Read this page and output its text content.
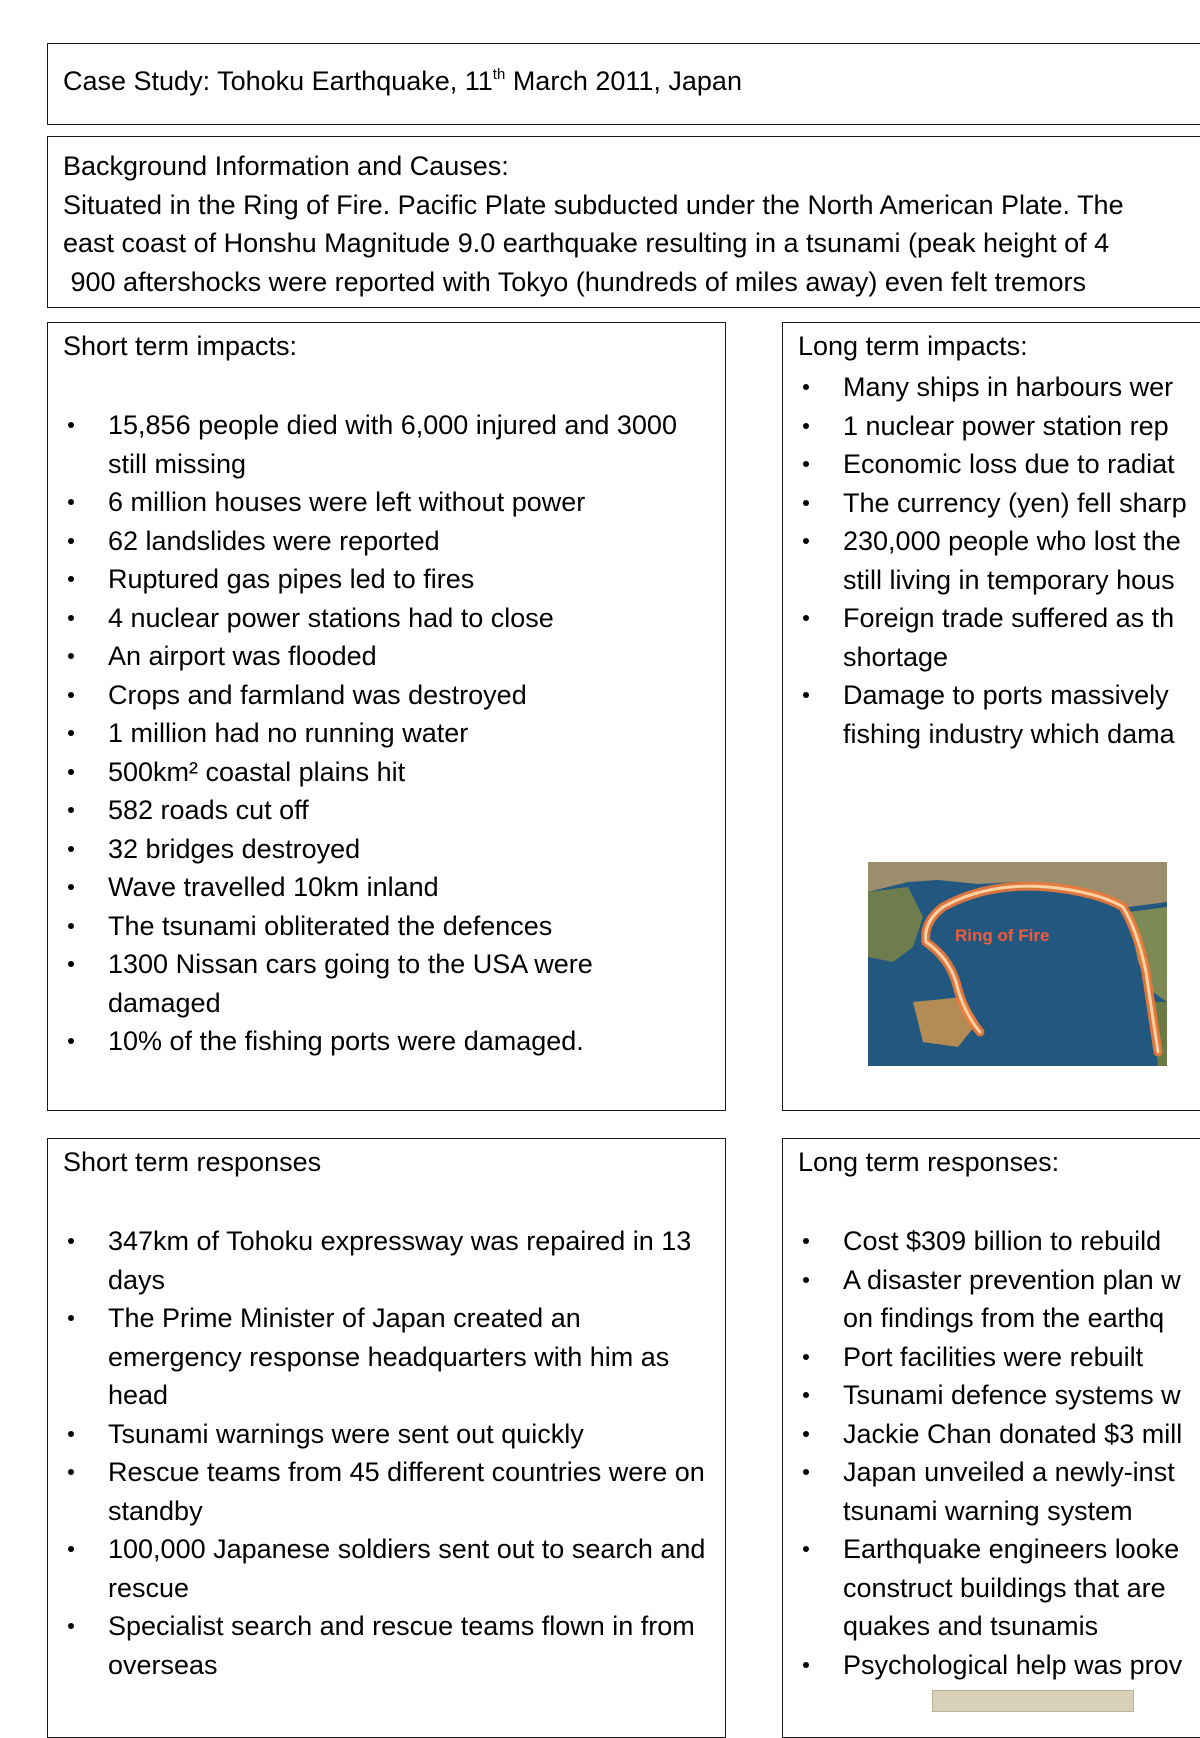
Case Study: Tohoku Earthquake, 11th March 2011, Japan
Background Information and Causes:
Situated in the Ring of Fire. Pacific Plate subducted under the North American Plate. The
east coast of Honshu Magnitude 9.0 earthquake resulting in a tsunami (peak height of 4
900 aftershocks were reported with Tokyo (hundreds of miles away) even felt tremors
Short term impacts:
15,856 people died with 6,000 injured and 3000 still missing
6 million houses were left without power
62 landslides were reported
Ruptured gas pipes led to fires
4 nuclear power stations had to close
An airport was flooded
Crops and farmland was destroyed
1 million had no running water
500km² coastal plains hit
582 roads cut off
32 bridges destroyed
Wave travelled 10km inland
The tsunami obliterated the defences
1300 Nissan cars going to the USA were damaged
10% of the fishing ports were damaged.
Long term impacts:
Many ships in harbours wer
1 nuclear power station rep
Economic loss due to radiat
The currency (yen) fell sharp
230,000 people who lost the
still living in temporary hous
Foreign trade suffered as th
shortage
Damage to ports massively
fishing industry which dama
Ring of Fire
Short term responses
347km of Tohoku expressway was repaired in 13 days
The Prime Minister of Japan created an emergency response headquarters with him as head
Tsunami warnings were sent out quickly
Rescue teams from 45 different countries were on standby
100,000 Japanese soldiers sent out to search and rescue
Specialist search and rescue teams flown in from overseas
Long term responses:
Cost $309 billion to rebuild
A disaster prevention plan w
on findings from the earthq
Port facilities were rebuilt
Tsunami defence systems w
Jackie Chan donated $3 mill
Japan unveiled a newly-inst
tsunami warning system
Earthquake engineers looke
construct buildings that are
quakes and tsunamis
Psychological help was prov
